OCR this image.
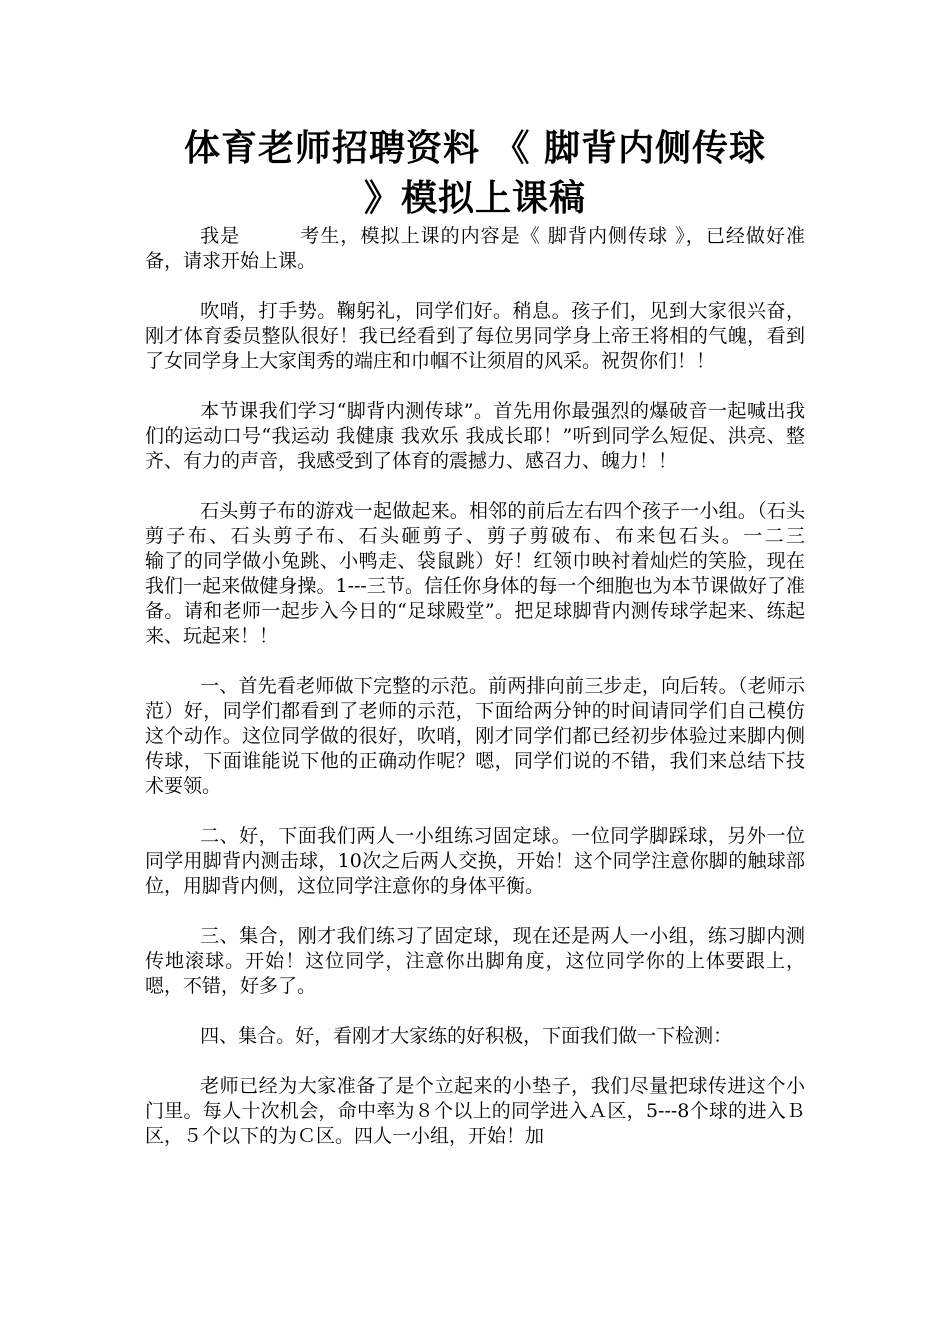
体育老师招聘资料 《 脚背内侧传球
》模拟上课稿

我是　　　考生，模拟上课的内容是《 脚背内侧传球 》，已经做好准备，请求开始上课。

吹哨，打手势。鞠躬礼，同学们好。稍息。孩子们，见到大家很兴奋，刚才体育委员整队很好！我已经看到了每位男同学身上帝王将相的气魄，看到了女同学身上大家闺秀的端庄和巾帼不让须眉的风采。祝贺你们！！

本节课我们学习“脚背内测传球”。首先用你最强烈的爆破音一起喊出我们的运动口号“我运动 我健康 我欢乐 我成长耶！”听到同学么短促、洪亮、整齐、有力的声音，我感受到了体育的震撼力、感召力、魄力！！

石头剪子布的游戏一起做起来。相邻的前后左右四个孩子一小组。（石头剪子布、石头剪子布、石头砸剪子、剪子剪破布、布来包石头。一二三　　　输了的同学做小兔跳、小鸭走、袋鼠跳）好！红领巾映衬着灿烂的笑脸，现在我们一起来做健身操。1---三节。信任你身体的每一个细胞也为本节课做好了准备。请和老师一起步入今日的“足球殿堂”。把足球脚背内测传球学起来、练起来、玩起来！！

一、首先看老师做下完整的示范。前两排向前三步走，向后转。（老师示范）好，同学们都看到了老师的示范，下面给两分钟的时间请同学们自己模仿这个动作。这位同学做的很好，吹哨，刚才同学们都已经初步体验过来脚内侧传球，下面谁能说下他的正确动作呢？嗯，同学们说的不错，我们来总结下技术要领。

二、好，下面我们两人一小组练习固定球。一位同学脚踩球，另外一位同学用脚背内测击球，10次之后两人交换，开始！这个同学注意你脚的触球部位，用脚背内侧，这位同学注意你的身体平衡。

三、集合，刚才我们练习了固定球，现在还是两人一小组，练习脚内测传地滚球。开始！这位同学，注意你出脚角度，这位同学你的上体要跟上，嗯，不错，好多了。

四、集合。好，看刚才大家练的好积极，下面我们做一下检测：

老师已经为大家准备了是个立起来的小垫子，我们尽量把球传进这个小门里。每人十次机会，命中率为８个以上的同学进入Ａ区，5---8个球的进入Ｂ区，５个以下的为Ｃ区。四人一小组，开始！加
